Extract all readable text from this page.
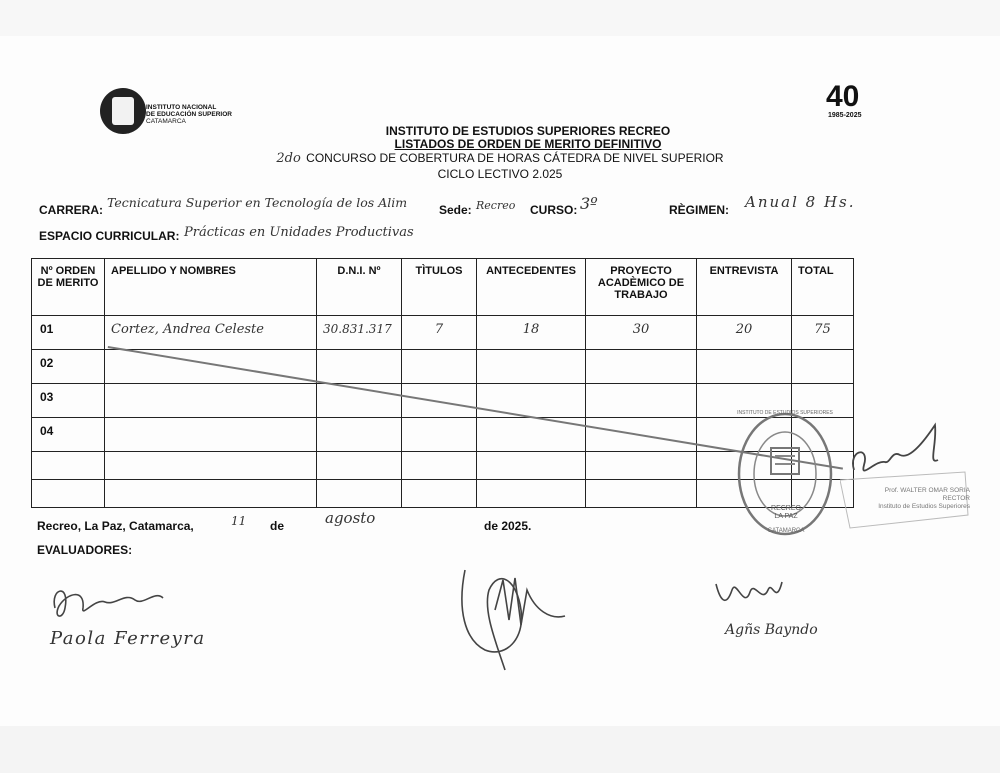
INSTITUTO NACIONAL
DE EDUCACIÓN SUPERIOR
CATAMARCA
40
1985-2025
INSTITUTO DE ESTUDIOS SUPERIORES RECREO
LISTADOS DE ORDEN DE MERITO DEFINITIVO
2do CONCURSO DE COBERTURA DE HORAS CÁTEDRA DE NIVEL SUPERIOR
CICLO LECTIVO 2.025
CARRERA: Tecnicatura Superior en Tecnología de los Alim	Sede: Recreo CURSO: 3º	RÈGIMEN: Anual 8 Hs.
ESPACIO CURRICULAR: Prácticas en Unidades Productivas
Nº ORDEN DE MERITO	APELLIDO Y NOMBRES	D.N.I. Nº	TÌTULOS	ANTECEDENTES	PROYECTO ACADÈMICO DE TRABAJO	ENTREVISTA	TOTAL
01	Cortez, Andrea Celeste	30.831.317	7	18	30	20	75

02							
03							
04							

RECREO
LA PAZ
INSTITUTO DE ESTUDIOS SUPERIORES
CATAMARCA
Prof. WALTER OMAR SORIA
RECTOR
Instituto de Estudios Superiores
Recreo, La Paz, Catamarca,	11 de	agosto	de 2025.
EVALUADORES:
Paola Ferreyra	Agñs Bayndo
